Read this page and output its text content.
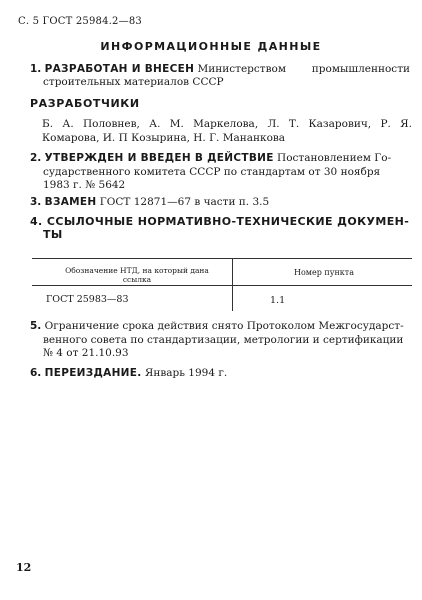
С. 5 ГОСТ 25984.2—83
ИНФОРМАЦИОННЫЕ ДАННЫЕ
1. РАЗРАБОТАН И ВНЕСЕН Министерством промышленности
строительных материалов СССР
РАЗРАБОТЧИКИ
Б. А. Половнев, А. М. Маркелова, Л. Т. Казарович, Р. Я. Комарова, И. П Козырина, Н. Г. Мананкова
2. УТВЕРЖДЕН И ВВЕДЕН В ДЕЙСТВИЕ Постановлением Го-
сударственного комитета СССР по стандартам от 30 ноября
1983 г. № 5642
3. ВЗАМЕН ГОСТ 12871—67 в части п. 3.5
4. ССЫЛОЧНЫЕ НОРМАТИВНО-ТЕХНИЧЕСКИЕ ДОКУМЕН-
ТЫ
Обозначение НТД, на который дана ссылка
Номер пункта
ГОСТ 25983—83	1.1
5. Ограничение срока действия снято Протоколом Межгосударст-
венного совета по стандартизации, метрологии и сертификации
№ 4 от 21.10.93
6. ПЕРЕИЗДАНИЕ. Январь 1994 г.
12
